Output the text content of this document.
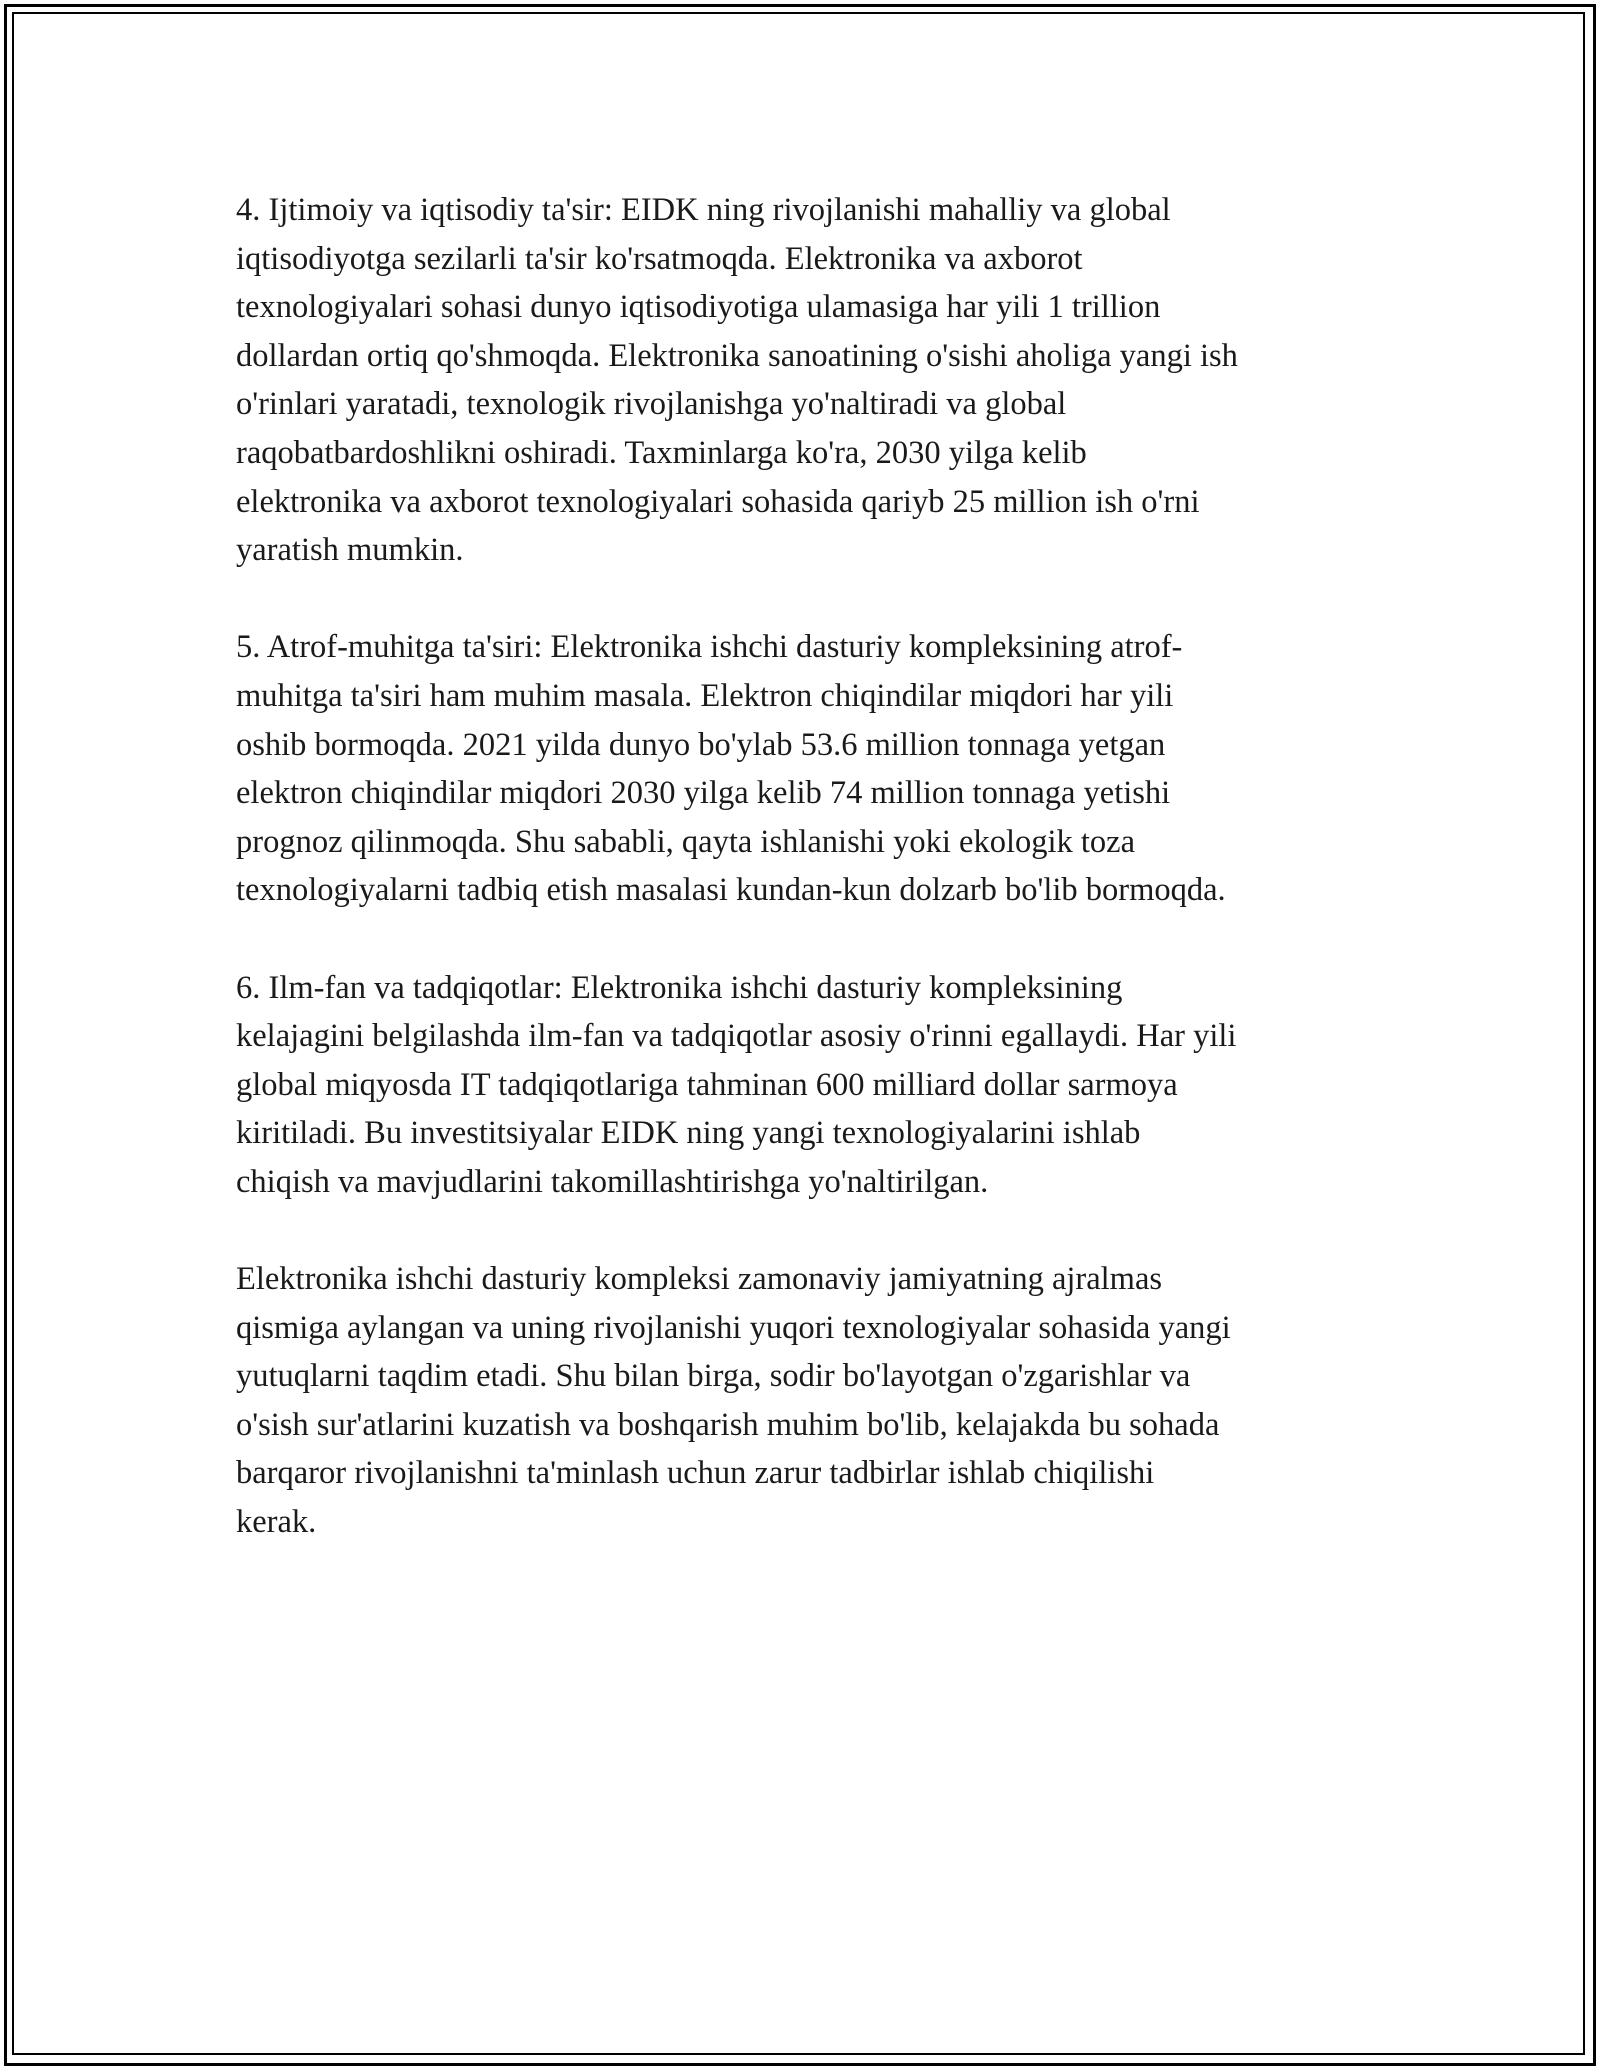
4. Ijtimoiy va iqtisodiy ta'sir: EIDK ning rivojlanishi mahalliy va global
iqtisodiyotga sezilarli ta'sir ko'rsatmoqda. Elektronika va axborot
texnologiyalari sohasi dunyo iqtisodiyotiga ulamasiga har yili 1 trillion
dollardan ortiq qo'shmoqda. Elektronika sanoatining o'sishi aholiga yangi ish
o'rinlari yaratadi, texnologik rivojlanishga yo'naltiradi va global
raqobatbardoshlikni oshiradi. Taxminlarga ko'ra, 2030 yilga kelib
elektronika va axborot texnologiyalari sohasida qariyb 25 million ish o'rni
yaratish mumkin.

5. Atrof-muhitga ta'siri: Elektronika ishchi dasturiy kompleksining atrof-
muhitga ta'siri ham muhim masala. Elektron chiqindilar miqdori har yili
oshib bormoqda. 2021 yilda dunyo bo'ylab 53.6 million tonnaga yetgan
elektron chiqindilar miqdori 2030 yilga kelib 74 million tonnaga yetishi
prognoz qilinmoqda. Shu sababli, qayta ishlanishi yoki ekologik toza
texnologiyalarni tadbiq etish masalasi kundan-kun dolzarb bo'lib bormoqda.

6. Ilm-fan va tadqiqotlar: Elektronika ishchi dasturiy kompleksining
kelajagini belgilashda ilm-fan va tadqiqotlar asosiy o'rinni egallaydi. Har yili
global miqyosda IT tadqiqotlariga tahminan 600 milliard dollar sarmoya
kiritiladi. Bu investitsiyalar EIDK ning yangi texnologiyalarini ishlab
chiqish va mavjudlarini takomillashtirishga yo'naltirilgan.

Elektronika ishchi dasturiy kompleksi zamonaviy jamiyatning ajralmas
qismiga aylangan va uning rivojlanishi yuqori texnologiyalar sohasida yangi
yutuqlarni taqdim etadi. Shu bilan birga, sodir bo'layotgan o'zgarishlar va
o'sish sur'atlarini kuzatish va boshqarish muhim bo'lib, kelajakda bu sohada
barqaror rivojlanishni ta'minlash uchun zarur tadbirlar ishlab chiqilishi
kerak.
